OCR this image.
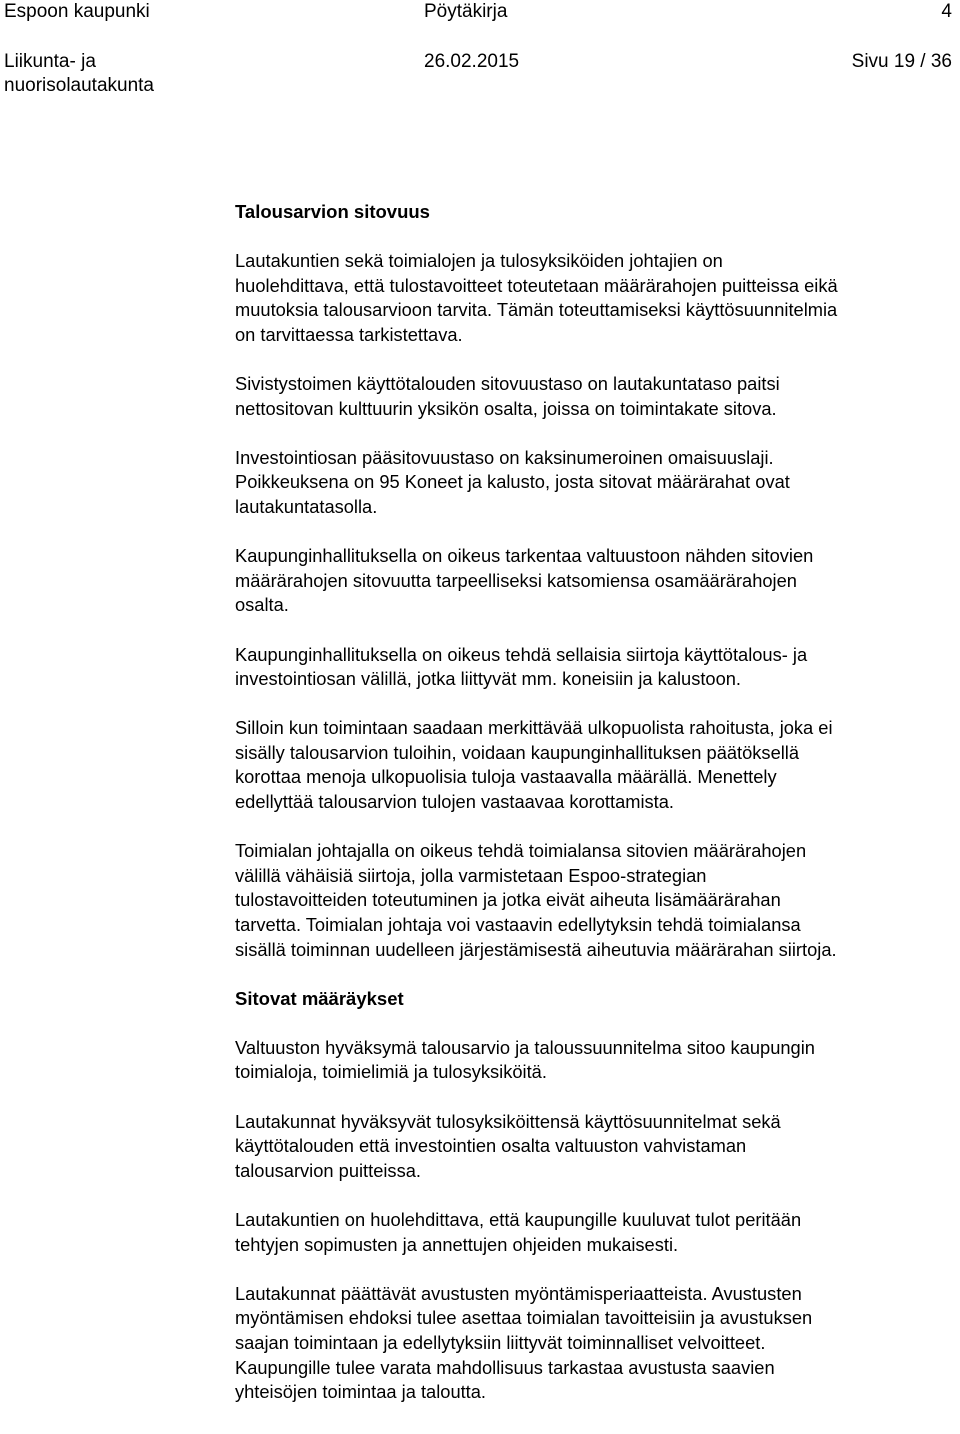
Espoon kaupunki	Pöytäkirja	4
Liikunta- ja nuorisolautakunta
26.02.2015	Sivu 19 / 36
Talousarvion sitovuus
Lautakuntien sekä toimialojen ja tulosyksiköiden johtajien on
huolehdittava, että tulostavoitteet toteutetaan määrärahojen puitteissa eikä
muutoksia talousarvioon tarvita. Tämän toteuttamiseksi käyttösuunnitelmia
on tarvittaessa tarkistettava.
Sivistystoimen käyttötalouden sitovuustaso on lautakuntataso paitsi
nettositovan kulttuurin yksikön osalta, joissa on toimintakate sitova.
Investointiosan pääsitovuustaso on kaksinumeroinen omaisuuslaji.
Poikkeuksena on 95 Koneet ja kalusto, josta sitovat määrärahat ovat
lautakuntatasolla.
Kaupunginhallituksella on oikeus tarkentaa valtuustoon nähden sitovien
määrärahojen sitovuutta tarpeelliseksi katsomiensa osamäärärahojen
osalta.
Kaupunginhallituksella on oikeus tehdä sellaisia siirtoja käyttötalous- ja
investointiosan välillä, jotka liittyvät mm. koneisiin ja kalustoon.
Silloin kun toimintaan saadaan merkittävää ulkopuolista rahoitusta, joka ei
sisälly talousarvion tuloihin, voidaan kaupunginhallituksen päätöksellä
korottaa menoja ulkopuolisia tuloja vastaavalla määrällä. Menettely
edellyttää talousarvion tulojen vastaavaa korottamista.
Toimialan johtajalla on oikeus tehdä toimialansa sitovien määrärahojen
välillä vähäisiä siirtoja, jolla varmistetaan Espoo-strategian
tulostavoitteiden toteutuminen ja jotka eivät aiheuta lisämäärärahan
tarvetta. Toimialan johtaja voi vastaavin edellytyksin tehdä toimialansa
sisällä toiminnan uudelleen järjestämisestä aiheutuvia määrärahan siirtoja.
Sitovat määräykset
Valtuuston hyväksymä talousarvio ja taloussuunnitelma sitoo kaupungin
toimialoja, toimielimiä ja tulosyksiköitä.
Lautakunnat hyväksyvät tulosyksiköittensä käyttösuunnitelmat sekä
käyttötalouden että investointien osalta valtuuston vahvistaman
talousarvion puitteissa.
Lautakuntien on huolehdittava, että kaupungille kuuluvat tulot peritään
tehtyjen sopimusten ja annettujen ohjeiden mukaisesti.
Lautakunnat päättävät avustusten myöntämisperiaatteista. Avustusten
myöntämisen ehdoksi tulee asettaa toimialan tavoitteisiin ja avustuksen
saajan toimintaan ja edellytyksiin liittyvät toiminnalliset velvoitteet.
Kaupungille tulee varata mahdollisuus tarkastaa avustusta saavien
yhteisöjen toimintaa ja taloutta.
